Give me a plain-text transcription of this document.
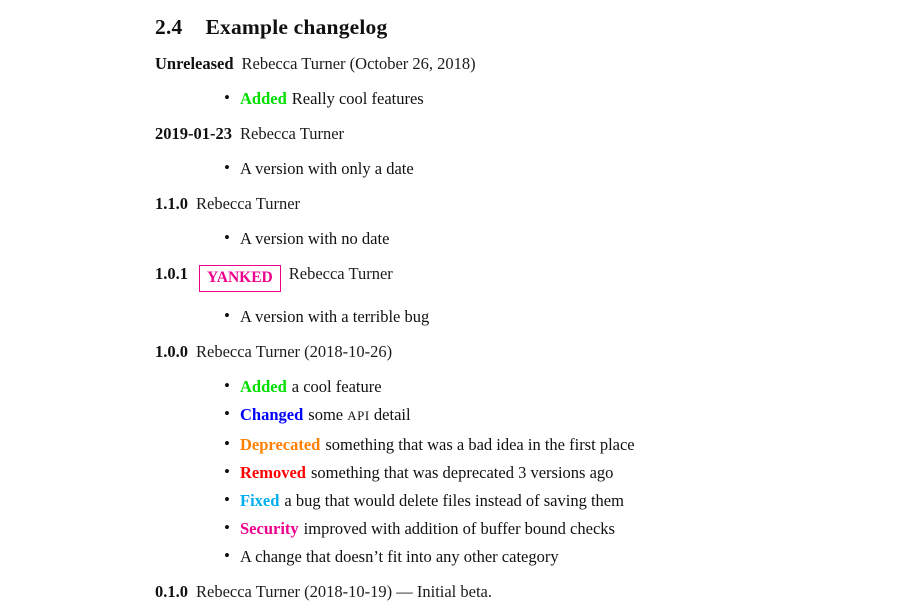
2.4 Example changelog
Unreleased Rebecca Turner (October 26, 2018)
• Added Really cool features
2019-01-23 Rebecca Turner
• A version with only a date
1.1.0 Rebecca Turner
• A version with no date
1.0.1 YANKED Rebecca Turner
• A version with a terrible bug
1.0.0 Rebecca Turner (2018-10-26)
• Added a cool feature
• Changed some API detail
• Deprecated something that was a bad idea in the first place
• Removed something that was deprecated 3 versions ago
• Fixed a bug that would delete files instead of saving them
• Security improved with addition of buffer bound checks
• A change that doesn’t fit into any other category
0.1.0 Rebecca Turner (2018-10-19) — Initial beta.
